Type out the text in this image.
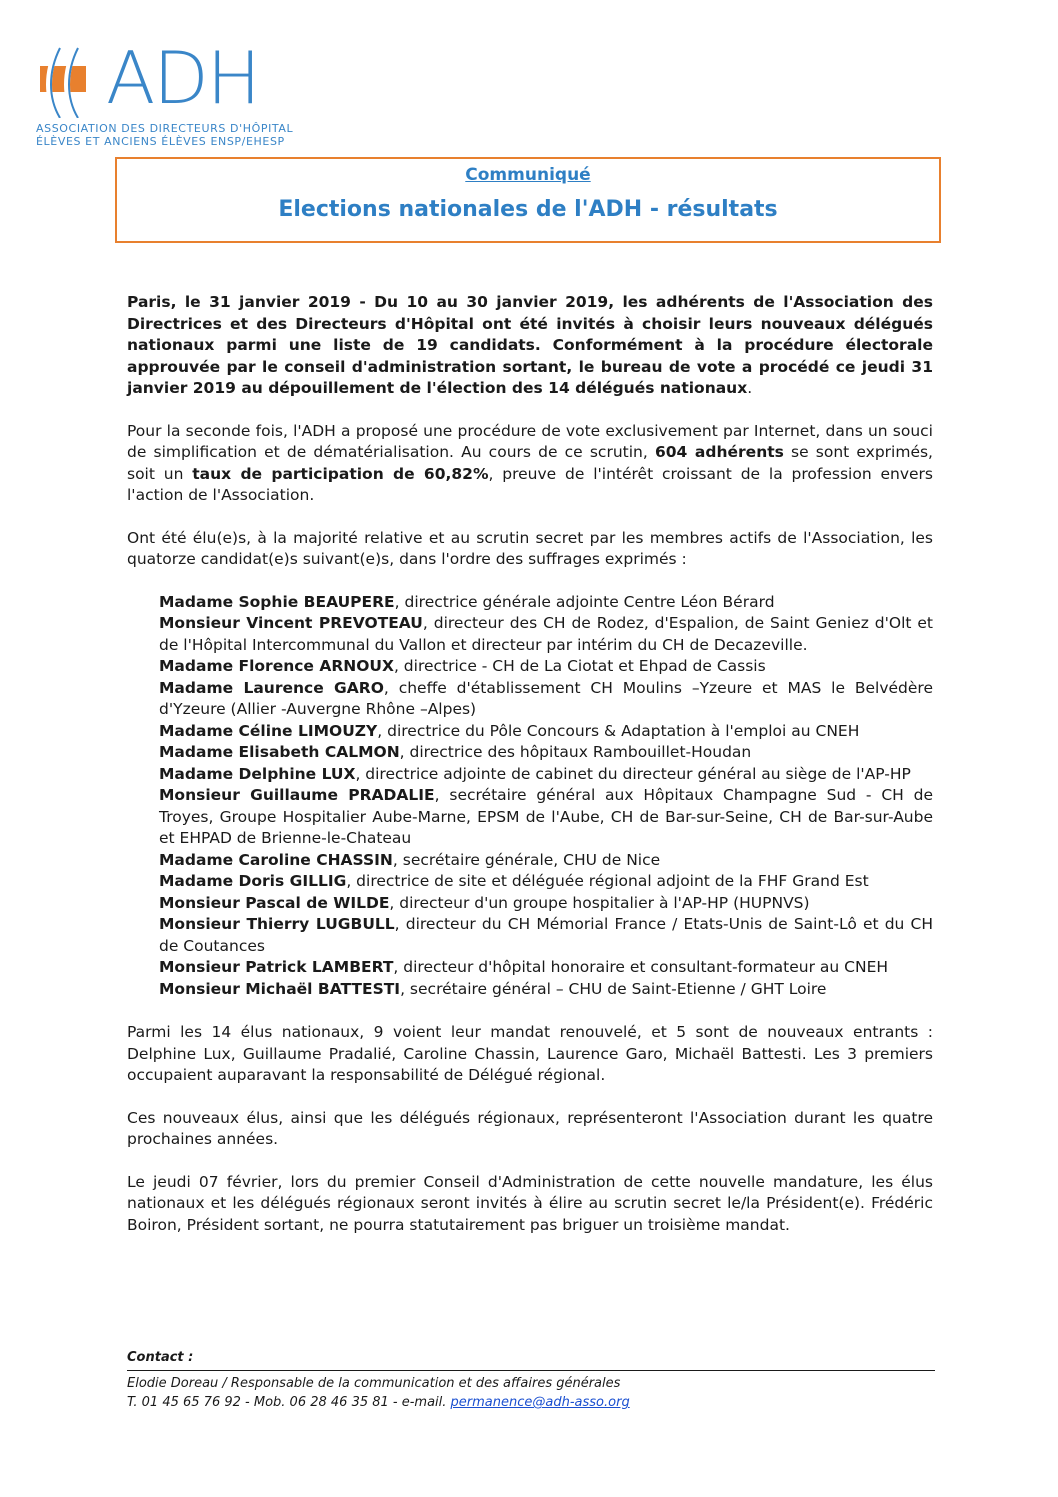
ADH
ASSOCIATION DES DIRECTEURS D'HÔPITAL
ÉLÈVES ET ANCIENS ÉLÈVES ENSP/EHESP
Communiqué
Elections nationales de l'ADH - résultats

Paris, le 31 janvier 2019 - Du 10 au 30 janvier 2019, les adhérents de l'Association des Directrices et des Directeurs d'Hôpital ont été invités à choisir leurs nouveaux délégués nationaux parmi une liste de 19 candidats. Conformément à la procédure électorale approuvée par le conseil d'administration sortant, le bureau de vote a procédé ce jeudi 31 janvier 2019 au dépouillement de l'élection des 14 délégués nationaux.

Pour la seconde fois, l'ADH a proposé une procédure de vote exclusivement par Internet, dans un souci de simplification et de dématérialisation. Au cours de ce scrutin, 604 adhérents se sont exprimés, soit un taux de participation de 60,82%, preuve de l'intérêt croissant de la profession envers l'action de l'Association.

Ont été élu(e)s, à la majorité relative et au scrutin secret par les membres actifs de l'Association, les quatorze candidat(e)s suivant(e)s, dans l'ordre des suffrages exprimés :

Madame Sophie BEAUPERE, directrice générale adjointe Centre Léon Bérard
Monsieur Vincent PREVOTEAU, directeur des CH de Rodez, d'Espalion, de Saint Geniez d'Olt et de l'Hôpital Intercommunal du Vallon et directeur par intérim du CH de Decazeville.
Madame Florence ARNOUX, directrice - CH de La Ciotat et Ehpad de Cassis
Madame Laurence GARO, cheffe d'établissement CH Moulins –Yzeure et MAS le Belvédère d'Yzeure (Allier -Auvergne Rhône –Alpes)
Madame Céline LIMOUZY, directrice du Pôle Concours & Adaptation à l'emploi au CNEH
Madame Elisabeth CALMON, directrice des hôpitaux Rambouillet-Houdan
Madame Delphine LUX, directrice adjointe de cabinet du directeur général au siège de l'AP-HP
Monsieur Guillaume PRADALIE, secrétaire général aux Hôpitaux Champagne Sud - CH de Troyes, Groupe Hospitalier Aube-Marne, EPSM de l'Aube, CH de Bar-sur-Seine, CH de Bar-sur-Aube et EHPAD de Brienne-le-Chateau
Madame Caroline CHASSIN, secrétaire générale, CHU de Nice
Madame Doris GILLIG, directrice de site et déléguée régional adjoint de la FHF Grand Est
Monsieur Pascal de WILDE, directeur d'un groupe hospitalier à l'AP-HP (HUPNVS)
Monsieur Thierry LUGBULL, directeur du CH Mémorial France / Etats-Unis de Saint-Lô et du CH de Coutances
Monsieur Patrick LAMBERT, directeur d'hôpital honoraire et consultant-formateur au CNEH
Monsieur Michaël BATTESTI, secrétaire général – CHU de Saint-Etienne / GHT Loire

Parmi les 14 élus nationaux, 9 voient leur mandat renouvelé, et 5 sont de nouveaux entrants : Delphine Lux, Guillaume Pradalié, Caroline Chassin, Laurence Garo, Michaël Battesti. Les 3 premiers occupaient auparavant la responsabilité de Délégué régional.

Ces nouveaux élus, ainsi que les délégués régionaux, représenteront l'Association durant les quatre prochaines années.

Le jeudi 07 février, lors du premier Conseil d'Administration de cette nouvelle mandature, les élus nationaux et les délégués régionaux seront invités à élire au scrutin secret le/la Président(e). Frédéric Boiron, Président sortant, ne pourra statutairement pas briguer un troisième mandat.

Contact :
Elodie Doreau / Responsable de la communication et des affaires générales
T. 01 45 65 76 92 - Mob. 06 28 46 35 81 - e-mail. permanence@adh-asso.org
